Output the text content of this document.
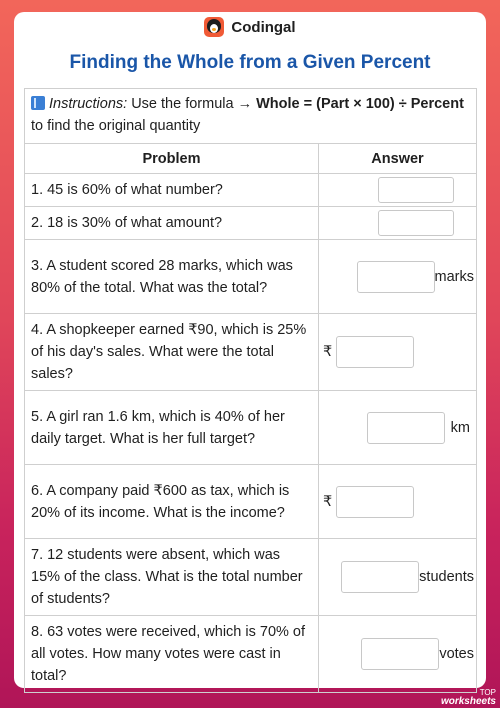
Codingal
Finding the Whole from a Given Percent
Instructions: Use the formula → Whole = (Part × 100) ÷ Percent to find the original quantity	
Problem	Answer
1. 45 is 60% of what number?	

2. 18 is 30% of what amount?	

3. A student scored 28 marks, which was 80% of the total. What was the total?	marks

4. A shopkeeper earned ₹90, which is 25% of his day's sales. What were the total sales?	₹

5. A girl ran 1.6 km, which is 40% of her daily target. What is her full target?	km

6. A company paid ₹600 as tax, which is 20% of its income. What is the income?	₹

7. 12 students were absent, which was 15% of the class. What is the total number of students?	students

8. 63 votes were received, which is 70% of all votes. How many votes were cast in total?	votes
TOP
worksheets
